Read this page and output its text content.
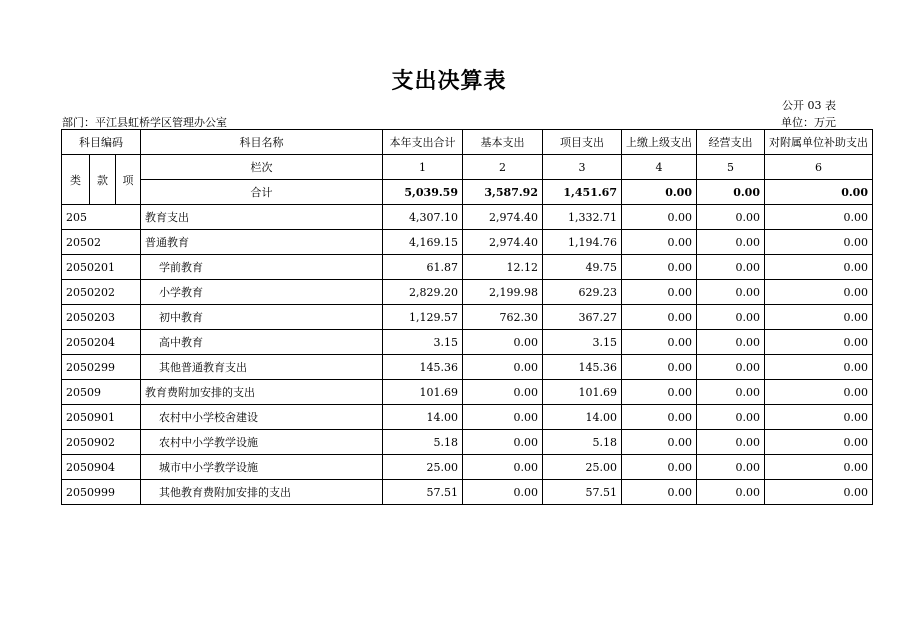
支出决算表
公开 03 表
部门：平江县虹桥学区管理办公室	单位：万元
科目编码			科目名称	本年支出合计	基本支出	项目支出	上缴上级支出	经营支出	对附属单位补助支出
类	款	项	栏次	1	2	3	4	5	6
			合计	5,039.59	3,587.92	1,451.67	0.00	0.00	0.00
205			教育支出	4,307.10	2,974.40	1,332.71	0.00	0.00	0.00
20502			普通教育	4,169.15	2,974.40	1,194.76	0.00	0.00	0.00
2050201			学前教育	61.87	12.12	49.75	0.00	0.00	0.00
2050202			小学教育	2,829.20	2,199.98	629.23	0.00	0.00	0.00
2050203			初中教育	1,129.57	762.30	367.27	0.00	0.00	0.00
2050204			高中教育	3.15	0.00	3.15	0.00	0.00	0.00
2050299			其他普通教育支出	145.36	0.00	145.36	0.00	0.00	0.00
20509			教育费附加安排的支出	101.69	0.00	101.69	0.00	0.00	0.00
2050901			农村中小学校舍建设	14.00	0.00	14.00	0.00	0.00	0.00
2050902			农村中小学教学设施	5.18	0.00	5.18	0.00	0.00	0.00
2050904			城市中小学教学设施	25.00	0.00	25.00	0.00	0.00	0.00
2050999			其他教育费附加安排的支出	57.51	0.00	57.51	0.00	0.00	0.00
